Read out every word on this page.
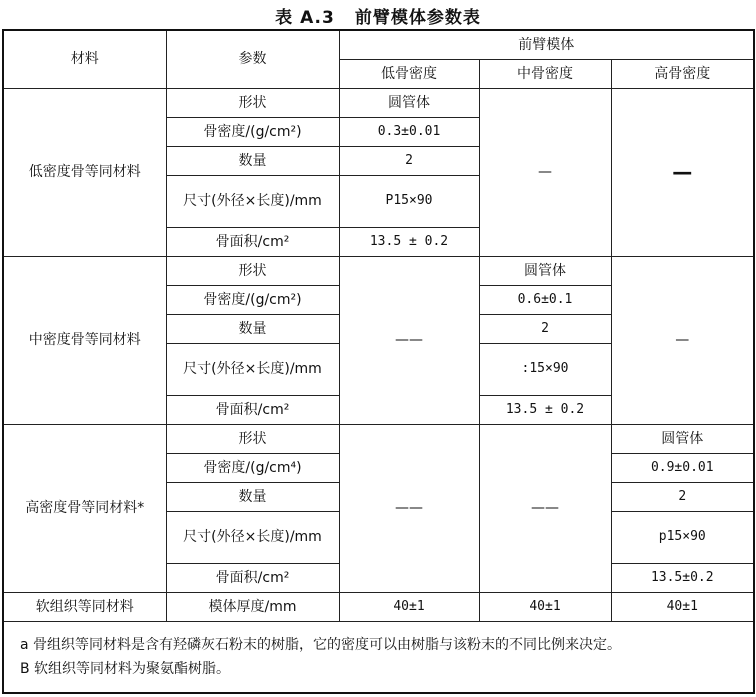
表 A.3 前臂模体参数表
材料	参数	前臂模体		
		低骨密度	中骨密度	高骨密度
低密度骨等同材料	形状	圆管体	—	—
	骨密度/(g/cm²)	0.3±0.01		
	数量	2		
	尺寸(外径×长度)/mm	P15×90		
	骨面积/cm²	13.5 ± 0.2		
中密度骨等同材料	形状	——	圆管体	—
	骨密度/(g/cm²)		0.6±0.1	
	数量		2	
	尺寸(外径×长度)/mm		:15×90	
	骨面积/cm²		13.5 ± 0.2	
高密度骨等同材料*	形状	——	——	圆管体
	骨密度/(g/cm⁴)			0.9±0.01
	数量			2
	尺寸(外径×长度)/mm			p15×90
	骨面积/cm²			13.5±0.2
软组织等同材料	模体厚度/mm	40±1	40±1	40±1

a 骨组织等同材料是含有羟磷灰石粉末的树脂，它的密度可以由树脂与该粉末的不同比例来决定。
B 软组织等同材料为聚氨酯树脂。				
